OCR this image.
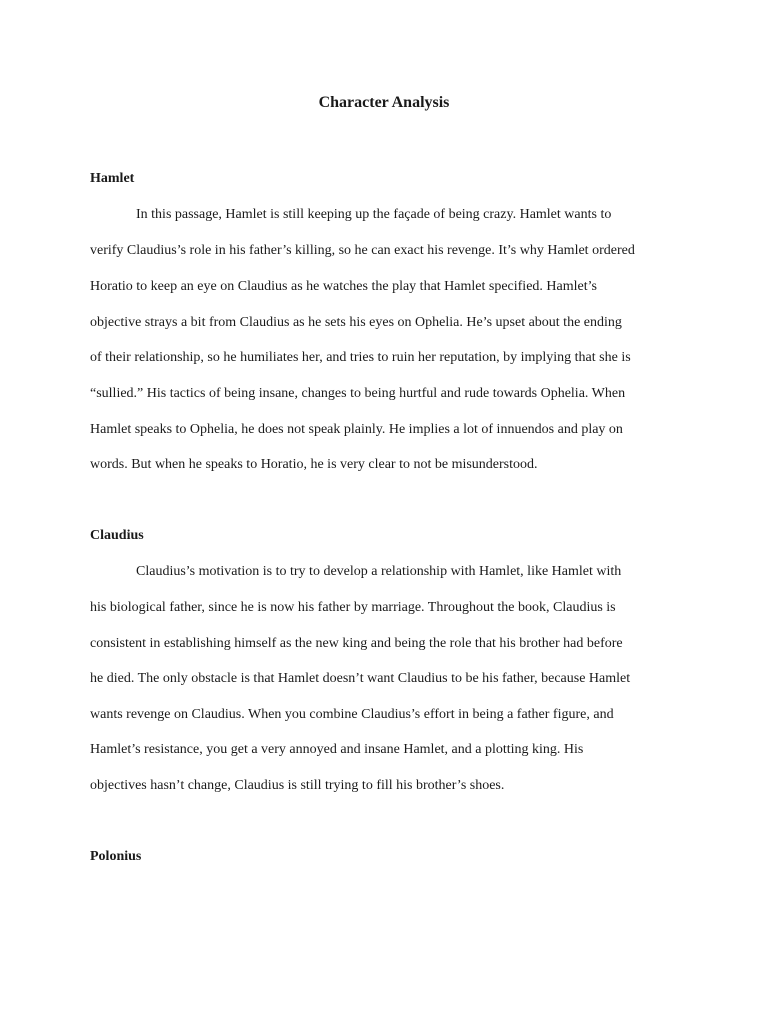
Character Analysis
Hamlet
In this passage, Hamlet is still keeping up the façade of being crazy. Hamlet wants to
verify Claudius’s role in his father’s killing, so he can exact his revenge. It’s why Hamlet ordered
Horatio to keep an eye on Claudius as he watches the play that Hamlet specified. Hamlet’s
objective strays a bit from Claudius as he sets his eyes on Ophelia. He’s upset about the ending
of their relationship, so he humiliates her, and tries to ruin her reputation, by implying that she is
“sullied.” His tactics of being insane, changes to being hurtful and rude towards Ophelia. When
Hamlet speaks to Ophelia, he does not speak plainly. He implies a lot of innuendos and play on
words. But when he speaks to Horatio, he is very clear to not be misunderstood.
Claudius
Claudius’s motivation is to try to develop a relationship with Hamlet, like Hamlet with
his biological father, since he is now his father by marriage. Throughout the book, Claudius is
consistent in establishing himself as the new king and being the role that his brother had before
he died. The only obstacle is that Hamlet doesn’t want Claudius to be his father, because Hamlet
wants revenge on Claudius. When you combine Claudius’s effort in being a father figure, and
Hamlet’s resistance, you get a very annoyed and insane Hamlet, and a plotting king. His
objectives hasn’t change, Claudius is still trying to fill his brother’s shoes.
Polonius
